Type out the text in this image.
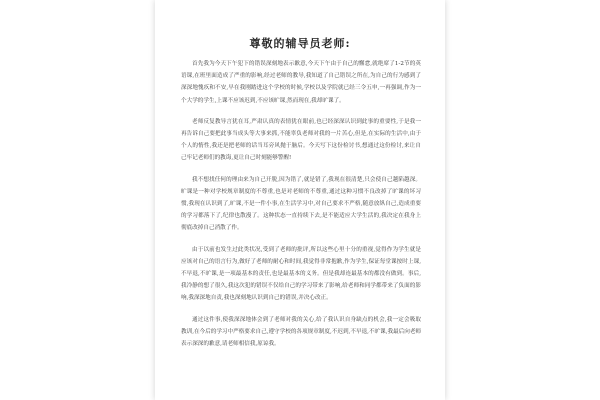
尊敬的辅导员老师:

首先我为今天下午犯下的错误深刻地表示歉意,今天下午由于自己的懈怠,就绝席了1-2节的英语课,在班里面造成了严重的影响,经过老师的教导,我知道了自己错误之所在,为自己的行为感到了深深地愧疚和不安,早在我刚踏进这个学校的时候,学校以及学院就已经三令五申,一再强调,作为一个大学的学生,上课不应该迟到,不应该旷课,然而现在,我却旷课了。

老师反复教导言犹在耳,严肃认真的表情犹在眼前,也已经深深认识到此事的重要性,于是我一再告诉自己要把此事当成头等大事来抓,不能辜负老师对我的一片苦心,但是,在实际的生活中,由于个人的惰性,我还是把老师的话当耳旁风抛于脑后。今天写下这份检讨书,想通过这份检讨,来让自己牢记老师们的教诲,更让自己时刻能够警醒!

我不想找任何的理由来为自己开脱,因为错了,就是错了,我现在很清楚,只会使自己越陷越深。旷课是一种对学校规章制度的不尊重,也是对老师的不尊重,通过这种习惯不良改掉了旷课的坏习惯,我现在认识到了,旷课,不是一件小事,在生活学习中,对自己要求不严格,随意放纵自己,造成重要的学习都落下了,纪律也散漫了。这种状态一直持续下去,是不能适应大学生活的,我决定在我身上彻底改掉自己消散了作。

由于以前也发生过此类状况,受到了老师的批评,所以这些心里十分的重视,觉得作为学生就是应该对自己的语言行为,做好了老师的耐心和时间,我觉得非常抱歉,作为学生,保证每堂课按时上课,不早退,不旷课,是一项最基本的责任,也是最基本的义务。但是我却连最基本的都没有做到。事后,我冷静的想了很久,我这次犯的错误不仅给自己的学习带来了影响,给老师和同学都带来了负面的影响,我深深地自责,我也深刻地认识到自己的错误,并决心改正。

通过这件事,使我深深地体会到了老师对我的关心,给了我认识自身缺点的机会,我一定会吸取教训,在今后的学习中严格要求自己,遵守学校的各项规章制度,不迟到,不早退,不旷课,我最后向老师表示深深的歉意,请老师相信我,原谅我。
